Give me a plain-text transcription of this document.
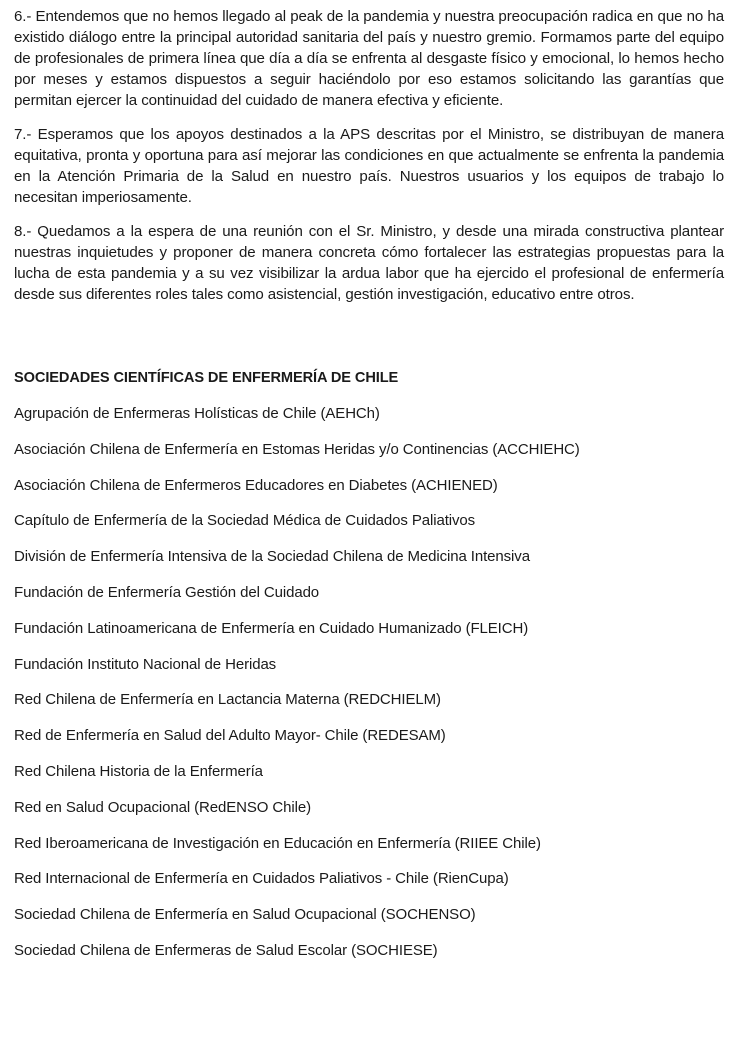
6.- Entendemos que no hemos llegado al peak de la pandemia y nuestra preocupación radica en que no ha existido diálogo entre la principal autoridad sanitaria del país y nuestro gremio. Formamos parte del equipo de profesionales de primera línea que día a día se enfrenta al desgaste físico y emocional, lo hemos hecho por meses y estamos dispuestos a seguir haciéndolo por eso estamos solicitando las garantías que permitan ejercer la continuidad del cuidado de manera efectiva y eficiente.

7.- Esperamos que los apoyos destinados a la APS descritas por el Ministro, se distribuyan de manera equitativa, pronta y oportuna para así mejorar las condiciones en que actualmente se enfrenta la pandemia en la Atención Primaria de la Salud en nuestro país. Nuestros usuarios y los equipos de trabajo lo necesitan imperiosamente.

8.- Quedamos a la espera de una reunión con el Sr. Ministro, y desde una mirada constructiva plantear nuestras inquietudes y proponer de manera concreta cómo fortalecer las estrategias propuestas para la lucha de esta pandemia y a su vez visibilizar la ardua labor que ha ejercido el profesional de enfermería desde sus diferentes roles tales como asistencial, gestión investigación, educativo entre otros.

SOCIEDADES CIENTÍFICAS DE ENFERMERÍA DE CHILE
Agrupación de Enfermeras Holísticas de Chile (AEHCh)
Asociación Chilena de Enfermería en Estomas Heridas y/o Continencias (ACCHIEHC)
Asociación Chilena de Enfermeros Educadores en Diabetes (ACHIENED)
Capítulo de Enfermería de la Sociedad Médica de Cuidados Paliativos
División de Enfermería Intensiva de la Sociedad Chilena de Medicina Intensiva
Fundación de Enfermería Gestión del Cuidado
Fundación Latinoamericana de Enfermería en Cuidado Humanizado (FLEICH)
Fundación Instituto Nacional de Heridas
Red Chilena de Enfermería en Lactancia Materna (REDCHIELM)
Red de Enfermería en Salud del Adulto Mayor- Chile (REDESAM)
Red Chilena Historia de la Enfermería
Red en Salud Ocupacional (RedENSO Chile)
Red Iberoamericana de Investigación en Educación en Enfermería (RIIEE Chile)
Red Internacional de Enfermería en Cuidados Paliativos - Chile (RienCupa)
Sociedad Chilena de Enfermería en Salud Ocupacional (SOCHENSO)
Sociedad Chilena de Enfermeras de Salud Escolar (SOCHIESE)
